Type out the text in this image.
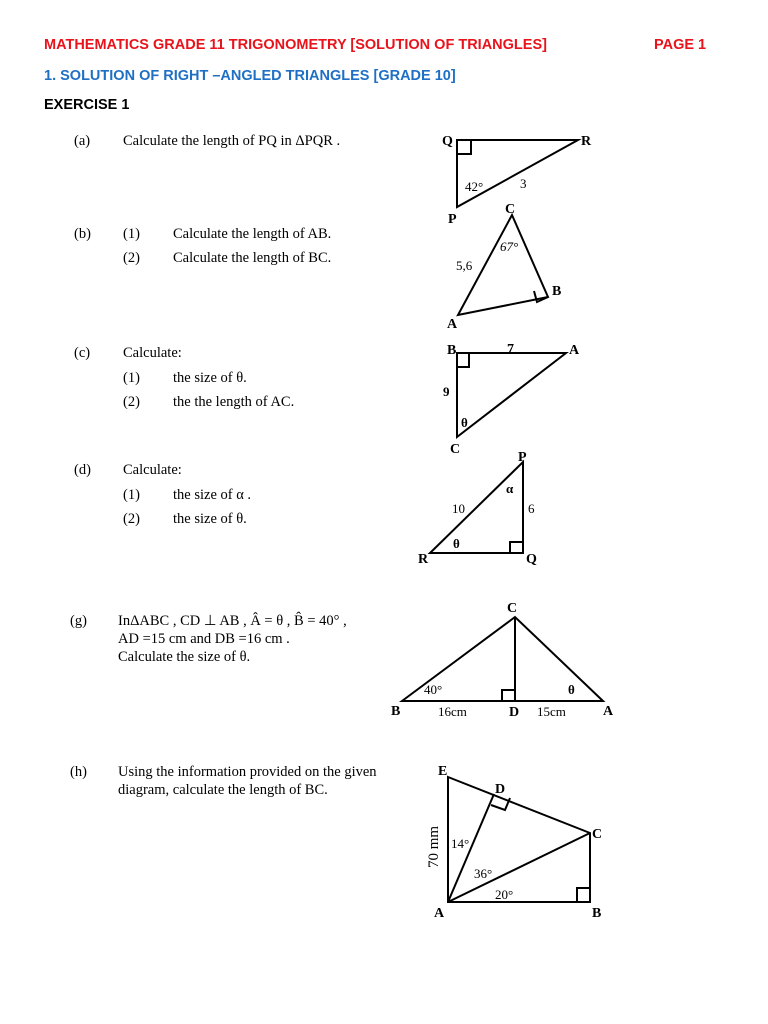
MATHEMATICS GRADE 11 TRIGONOMETRY [SOLUTION OF TRIANGLES]	PAGE 1
1. SOLUTION OF RIGHT –ANGLED TRIANGLES [GRADE 10]
EXERCISE 1
(a) Calculate the length of PQ in ΔPQR .
(b) (1) Calculate the length of AB.
(2) Calculate the length of BC.
(c) Calculate:
(1) the size of θ.
(2) the the length of AC.
(d) Calculate:
(1) the size of α .
(2) the size of θ.
(g) InΔABC , CD ⊥ AB , Â = θ , B̂ = 40° ,
AD =15 cm and DB =16 cm .
Calculate the size of θ.
(h) Using the information provided on the given
diagram, calculate the length of BC.
Q	R
P
C
B
A
B	A
C
P
R	Q
C
B	D	A
E
D
C
A	B
42°	3
67°
5,6
7
9
θ
10	6
α
θ
40°	θ
16cm	15cm
70 mm 14°
36°
20°
